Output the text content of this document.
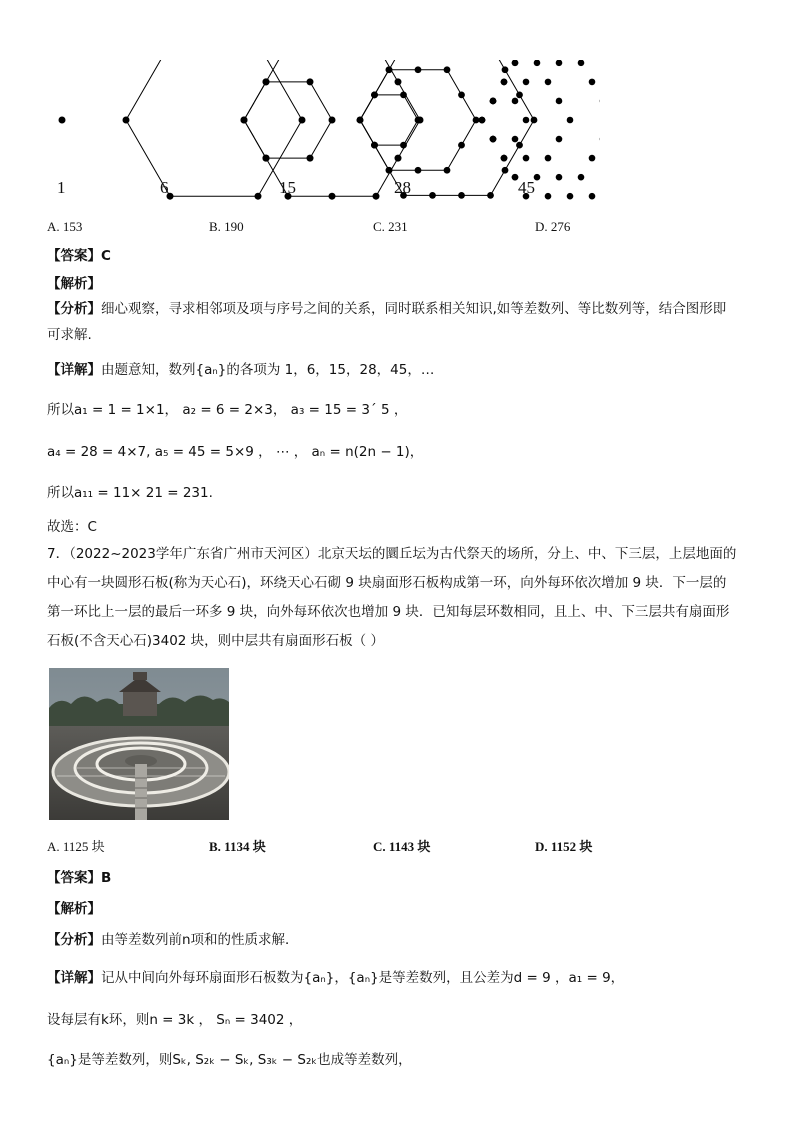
1	6	15	28	45
A. 153	B. 190	C. 231	D. 276
【答案】C
【解析】
【分析】细心观察，寻求相邻项及项与序号之间的关系，同时联系相关知识,如等差数列、等比数列等，结合图形即
可求解.
【详解】由题意知，数列{aₙ}的各项为 1，6，15，28，45，…
所以a₁ = 1 = 1×1， a₂ = 6 = 2×3， a₃ = 15 = 3´ 5 ，
a₄ = 28 = 4×7, a₅ = 45 = 5×9 ， ⋯ ， aₙ = n(2n − 1)，
所以a₁₁ = 11× 21 = 231.
故选：C
7．（2022~2023学年广东省广州市天河区）北京天坛的圜丘坛为古代祭天的场所，分上、中、下三层，上层地面的
中心有一块圆形石板(称为天心石)，环绕天心石砌 9 块扇面形石板构成第一环，向外每环依次增加 9 块．下一层的
第一环比上一层的最后一环多 9 块，向外每环依次也增加 9 块．已知每层环数相同，且上、中、下三层共有扇面形
石板(不含天心石)3402 块，则中层共有扇面形石板（ ）
A. 1125 块	B. 1134 块	C. 1143 块	D. 1152 块
【答案】B
【解析】
【分析】由等差数列前n项和的性质求解．
【详解】记从中间向外每环扇面形石板数为{aₙ}，{aₙ}是等差数列，且公差为d = 9 ，a₁ = 9，
设每层有k环，则n = 3k ， Sₙ = 3402 ，
{aₙ}是等差数列，则Sₖ, S₂ₖ − Sₖ, S₃ₖ − S₂ₖ也成等差数列，
